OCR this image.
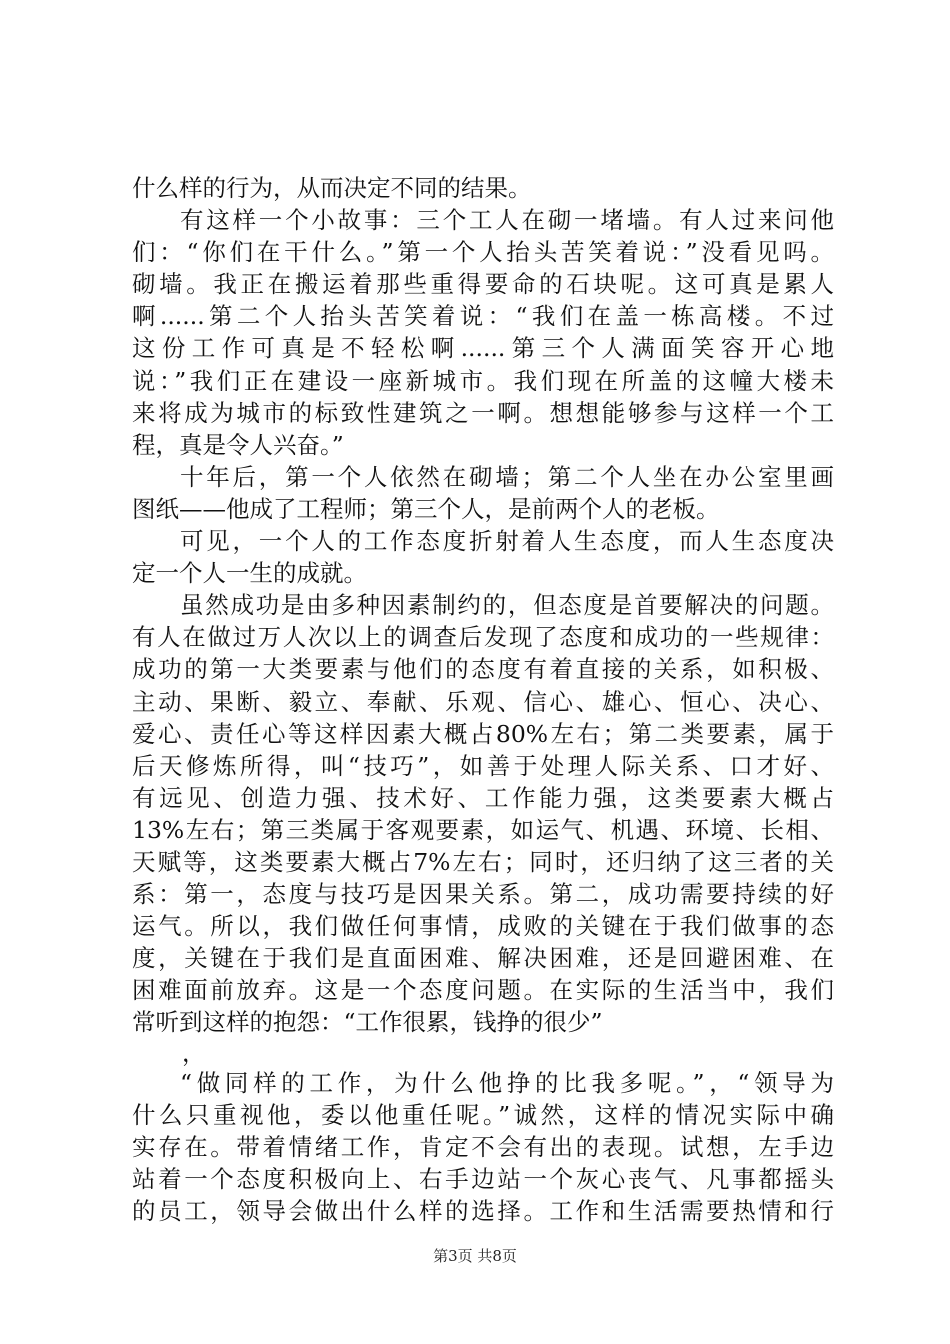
什么样的行为，从而决定不同的结果。
有这样一个小故事：三个工人在砌一堵墙。有人过来问他
们：“你们在干什么。”第一个人抬头苦笑着说：”没看见吗。
砌墙。我正在搬运着那些重得要命的石块呢。这可真是累人
啊......第二个人抬头苦笑着说：“我们在盖一栋高楼。不过
这份工作可真是不轻松啊......第三个人满面笑容开心地
说：”我们正在建设一座新城市。我们现在所盖的这幢大楼未
来将成为城市的标致性建筑之一啊。想想能够参与这样一个工
程，真是令人兴奋。”
十年后，第一个人依然在砌墙；第二个人坐在办公室里画
图纸——他成了工程师；第三个人，是前两个人的老板。
可见，一个人的工作态度折射着人生态度，而人生态度决
定一个人一生的成就。
虽然成功是由多种因素制约的，但态度是首要解决的问题。
有人在做过万人次以上的调查后发现了态度和成功的一些规律：
成功的第一大类要素与他们的态度有着直接的关系，如积极、
主动、果断、毅立、奉献、乐观、信心、雄心、恒心、决心、
爱心、责任心等这样因素大概占80%左右；第二类要素，属于
后天修炼所得，叫“技巧”，如善于处理人际关系、口才好、
有远见、创造力强、技术好、工作能力强，这类要素大概占
13%左右；第三类属于客观要素，如运气、机遇、环境、长相、
天赋等，这类要素大概占7%左右；同时，还归纳了这三者的关
系：第一，态度与技巧是因果关系。第二，成功需要持续的好
运气。所以，我们做任何事情，成败的关键在于我们做事的态
度，关键在于我们是直面困难、解决困难，还是回避困难、在
困难面前放弃。这是一个态度问题。在实际的生活当中，我们
常听到这样的抱怨：“工作很累，钱挣的很少”
，
“做同样的工作，为什么他挣的比我多呢。”，“领导为
什么只重视他，委以他重任呢。”诚然，这样的情况实际中确
实存在。带着情绪工作，肯定不会有出的表现。试想，左手边
站着一个态度积极向上、右手边站一个灰心丧气、凡事都摇头
的员工，领导会做出什么样的选择。工作和生活需要热情和行
第3页 共8页
